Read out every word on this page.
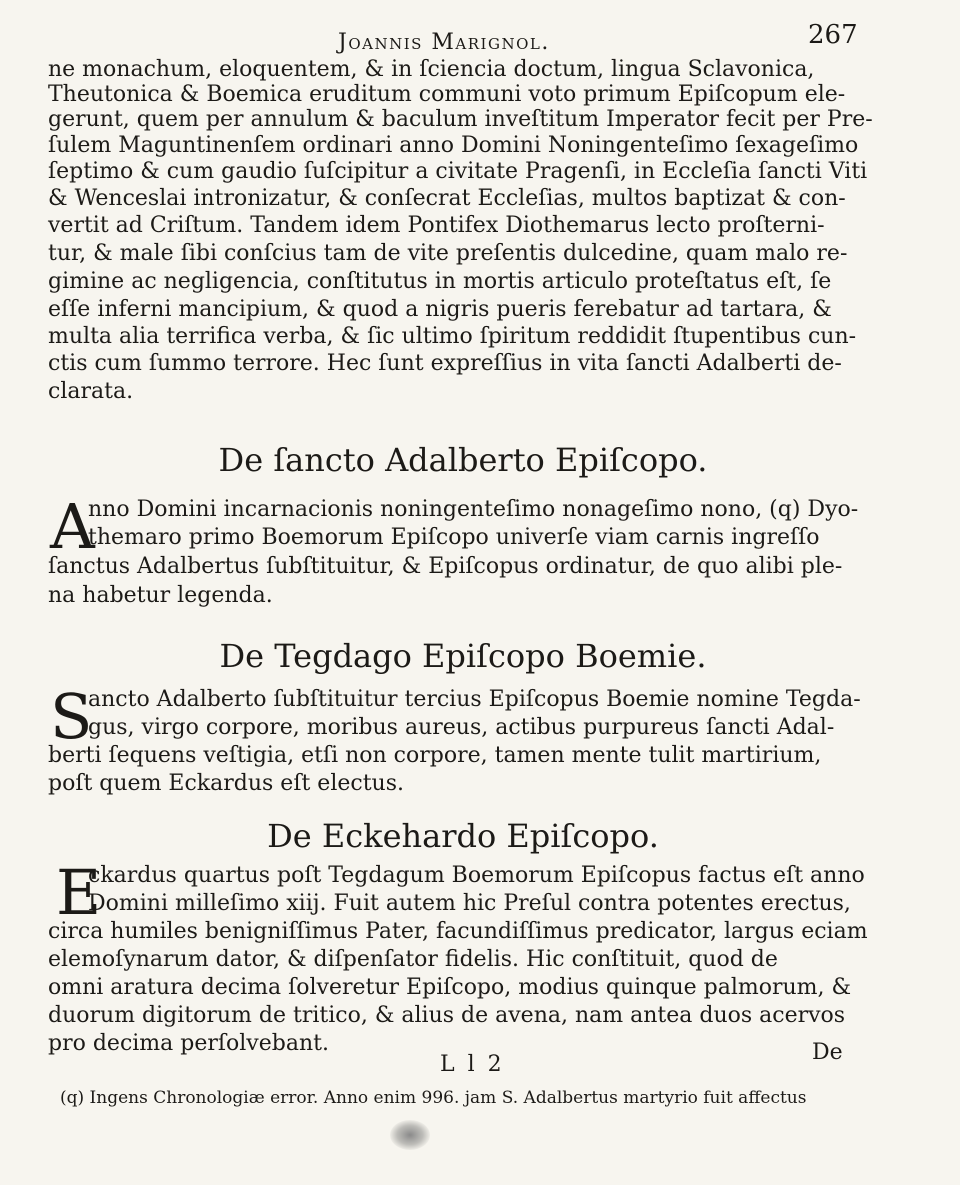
Joannis Marignol.	267
ne monachum, eloquentem, & in ſciencia doctum, lingua Sclavonica,
Theutonica & Boemica eruditum communi voto primum Epiſcopum ele-
gerunt, quem per annulum & baculum inveſtitum Imperator fecit per Pre-
ſulem Maguntinenſem ordinari anno Domini Noningenteſimo ſexageſimo
ſeptimo & cum gaudio ſuſcipitur a civitate Pragenſi, in Eccleſia ſancti Viti
& Wenceslai intronizatur, & conſecrat Eccleſias, multos baptizat & con-
vertit ad Criſtum. Tandem idem Pontifex Diothemarus lecto proſterni-
tur, & male ſibi conſcius tam de vite preſentis dulcedine, quam malo re-
gimine ac negligencia, conſtitutus in mortis articulo proteſtatus eſt, ſe
eſſe inferni mancipium, & quod a nigris pueris ferebatur ad tartara, &
multa alia terrifica verba, & ſic ultimo ſpiritum reddidit ſtupentibus cun-
ctis cum ſummo terrore. Hec ſunt expreſſius in vita ſancti Adalberti de-
clarata.
De ſancto Adalberto Epiſcopo.
A
nno Domini incarnacionis noningenteſimo nonageſimo nono, (q) Dyo-
themaro primo Boemorum Epiſcopo univerſe viam carnis ingreſſo
ſanctus Adalbertus ſubſtituitur, & Epiſcopus ordinatur, de quo alibi ple-
na habetur legenda.
De Tegdago Epiſcopo Boemie.
S
ancto Adalberto ſubſtituitur tercius Epiſcopus Boemie nomine Tegda-
gus, virgo corpore, moribus aureus, actibus purpureus ſancti Adal-
berti ſequens veſtigia, etſi non corpore, tamen mente tulit martirium,
poſt quem Eckardus eſt electus.
De Eckehardo Epiſcopo.
E
ckardus quartus poſt Tegdagum Boemorum Epiſcopus factus eſt anno
Domini milleſimo xiij. Fuit autem hic Preſul contra potentes erectus,
circa humiles benigniſſimus Pater, facundiſſimus predicator, largus eciam
elemoſynarum dator, & diſpenſator fidelis. Hic conſtituit, quod de
omni aratura decima ſolveretur Epiſcopo, modius quinque palmorum, &
duorum digitorum de tritico, & alius de avena, nam antea duos acervos
pro decima perſolvebant.
L l 2	De
(q) Ingens Chronologiæ error. Anno enim 996. jam S. Adalbertus martyrio fuit affectus
